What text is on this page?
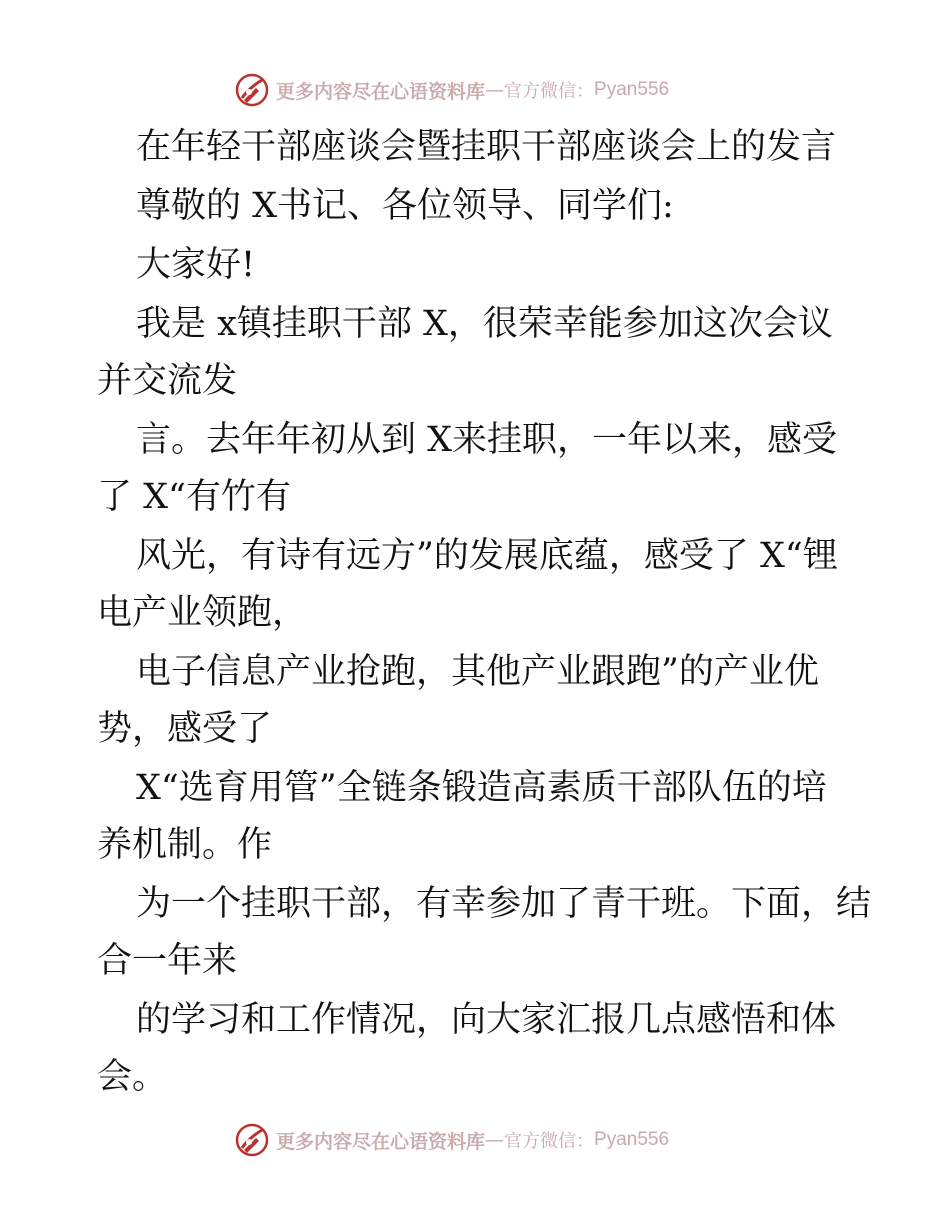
更多内容尽在心语资料库 — 官方微信： Pyan556
在年轻干部座谈会暨挂职干部座谈会上的发言
尊敬的 X书记、各位领导、同学们:
大家好!
我是 x镇挂职干部 X，很荣幸能参加这次会议
并交流发
言。去年年初从到 X来挂职，一年以来，感受
了 X“有竹有
风光，有诗有远方”的发展底蕴，感受了 X“锂
电产业领跑，
电子信息产业抢跑，其他产业跟跑”的产业优
势，感受了
X“选育用管”全链条锻造高素质干部队伍的培
养机制。作
为一个挂职干部，有幸参加了青干班。下面，结
合一年来
的学习和工作情况，向大家汇报几点感悟和体
会。
更多内容尽在心语资料库 — 官方微信： Pyan556
